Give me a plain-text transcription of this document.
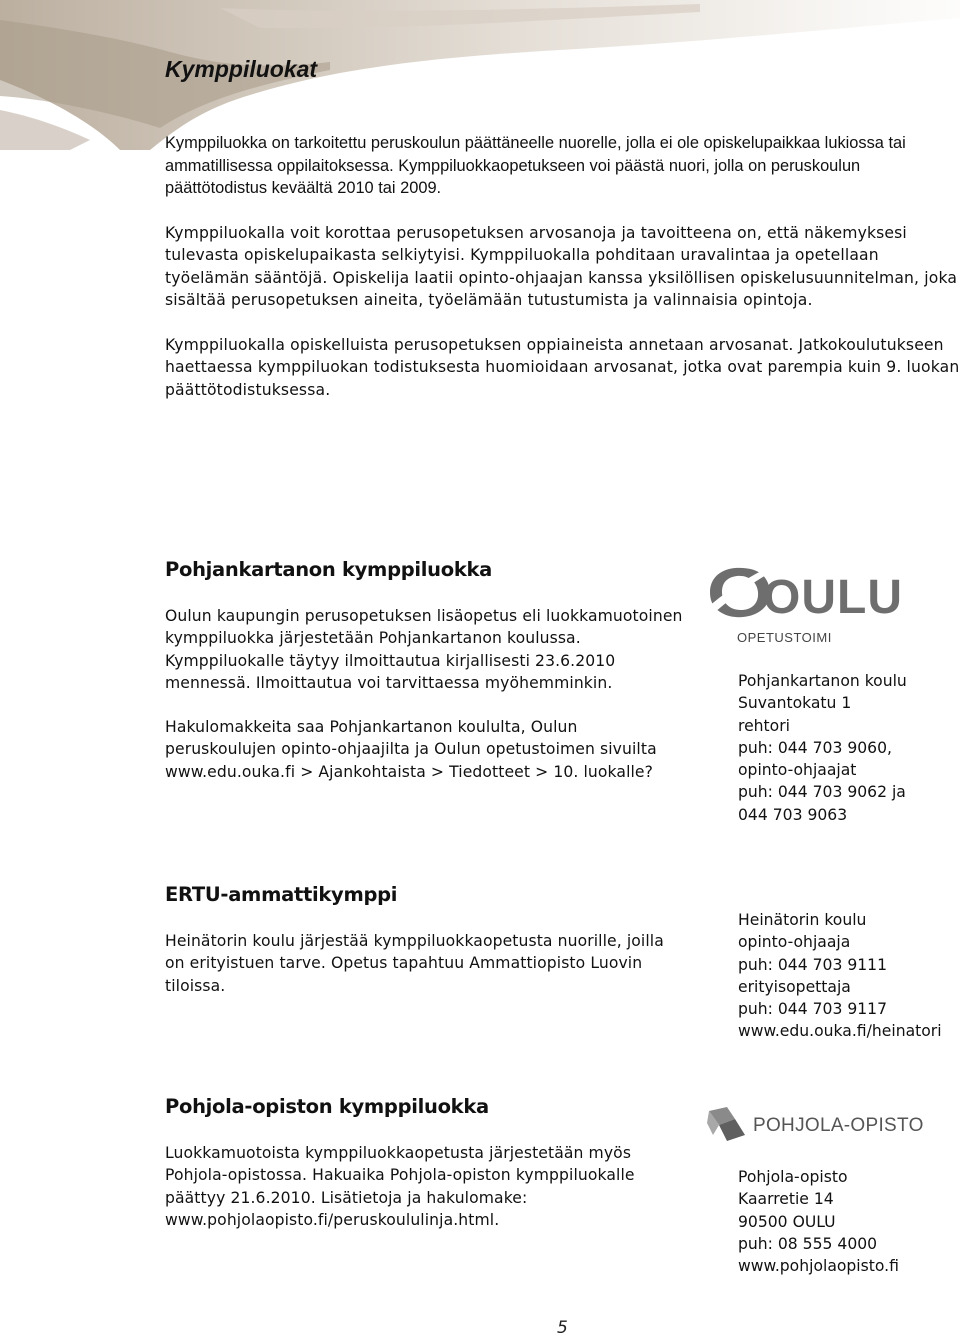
Kymppiluokat

Kymppiluokka on tarkoitettu peruskoulun päättäneelle nuorelle, jolla ei ole opiskelupaikkaa lukiossa tai ammatillisessa oppilaitoksessa. Kymppiluokkaopetukseen voi päästä nuori, jolla on peruskoulun päättötodistus keväältä 2010 tai 2009.

Kymppiluokalla voit korottaa perusopetuksen arvosanoja ja tavoitteena on, että näkemyksesi tulevasta opiskelupaikasta selkiytyisi. Kymppiluokalla pohditaan uravalintaa ja opetellaan työelämän sääntöjä. Opiskelija laatii opinto-ohjaajan kanssa yksilöllisen opiskelusuunnitelman, joka sisältää perusopetuksen aineita, työelämään tutustumista ja valinnaisia opintoja.

Kymppiluokalla opiskelluista perusopetuksen oppiaineista annetaan arvosanat. Jatkokoulutukseen haettaessa kymppiluokan todistuksesta huomioidaan arvosanat, jotka ovat parempia kuin 9. luokan päättötodistuksessa.

Pohjankartanon kymppiluokka

Oulun kaupungin perusopetuksen lisäopetus eli luokkamuotoinen kymppiluokka järjestetään Pohjankartanon koulussa. Kymppiluokalle täytyy ilmoittautua kirjallisesti 23.6.2010 mennessä. Ilmoittautua voi tarvittaessa myöhemminkin.

Hakulomakkeita saa Pohjankartanon koululta, Oulun peruskoulujen opinto-ohjaajilta ja Oulun opetustoimen sivuilta www.edu.ouka.fi > Ajankohtaista > Tiedotteet > 10. luokalle?

OULU
OPETUSTOIMI
Pohjankartanon koulu
Suvantokatu 1
rehtori
puh: 044 703 9060,
opinto-ohjaajat
puh: 044 703 9062 ja
044 703 9063
ERTU-ammattikymppi

Heinätorin koulu järjestää kymppiluokkaopetusta nuorille, joilla on erityistuen tarve. Opetus tapahtuu Ammattiopisto Luovin tiloissa.

Heinätorin koulu
opinto-ohjaaja
puh: 044 703 9111
erityisopettaja
puh: 044 703 9117
www.edu.ouka.fi/heinatori
Pohjola-opiston kymppiluokka

Luokkamuotoista kymppiluokkaopetusta järjestetään myös Pohjola-opistossa. Hakuaika Pohjola-opiston kymppiluokalle päättyy 21.6.2010. Lisätietoja ja hakulomake: www.pohjolaopisto.fi/peruskoululinja.html.

POHJOLA-OPISTO
Pohjola-opisto
Kaarretie 14
90500 OULU
puh: 08 555 4000
www.pohjolaopisto.fi
5
